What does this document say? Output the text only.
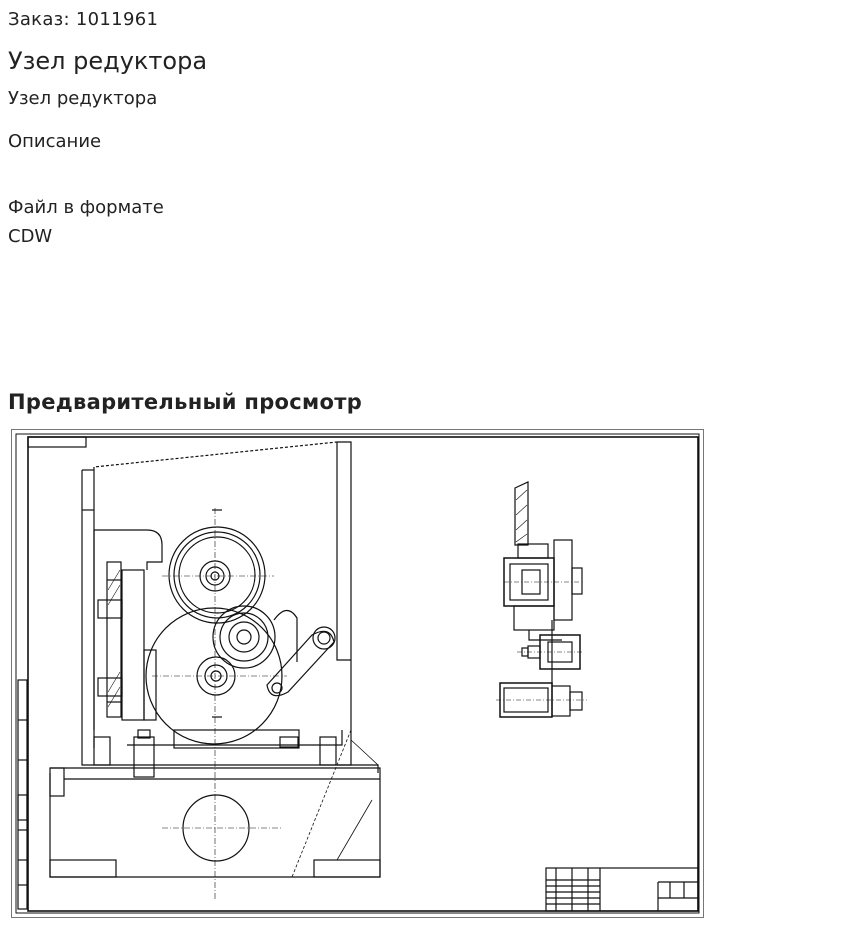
Заказ: 1011961
Узел редуктора
Узел редуктора
Описание
Файл в формате CDW
Предварительный просмотр
